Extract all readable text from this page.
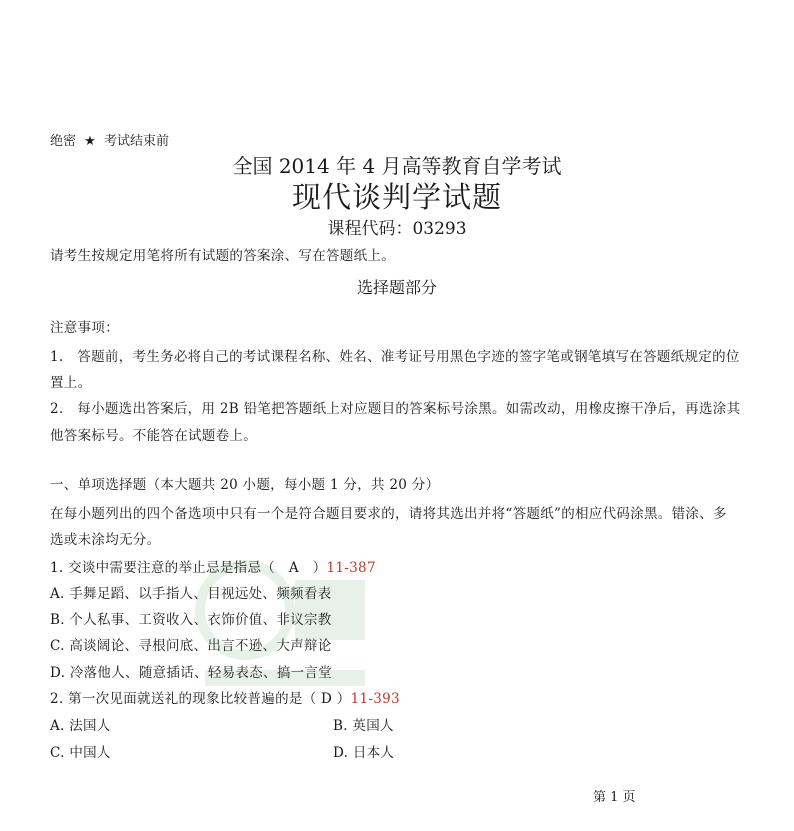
绝密 ★ 考试结束前
全国 2014 年 4 月高等教育自学考试
现代谈判学试题
课程代码：03293
请考生按规定用笔将所有试题的答案涂、写在答题纸上。
选择题部分
注意事项：
1.　答题前，考生务必将自己的考试课程名称、姓名、准考证号用黑色字迹的签字笔或钢笔填写在答题纸规定的位
置上。
2.　每小题选出答案后，用 2B 铅笔把答题纸上对应题目的答案标号涂黑。如需改动，用橡皮擦干净后，再选涂其
他答案标号。不能答在试题卷上。
一、单项选择题（本大题共 20 小题，每小题 1 分，共 20 分）
在每小题列出的四个备选项中只有一个是符合题目要求的，请将其选出并将“答题纸”的相应代码涂黑。错涂、多
选或未涂均无分。
1. 交谈中需要注意的举止忌是指忌（　A　）11-387
A. 手舞足蹈、以手指人、目视远处、频频看表
B. 个人私事、工资收入、衣饰价值、非议宗教
C. 高谈阔论、寻根问底、出言不逊、大声辩论
D. 冷落他人、随意插话、轻易表态、搞一言堂
2. 第一次见面就送礼的现象比较普遍的是（ D ）11-393
A. 法国人	B. 英国人
C. 中国人	D. 日本人
第 1 页
